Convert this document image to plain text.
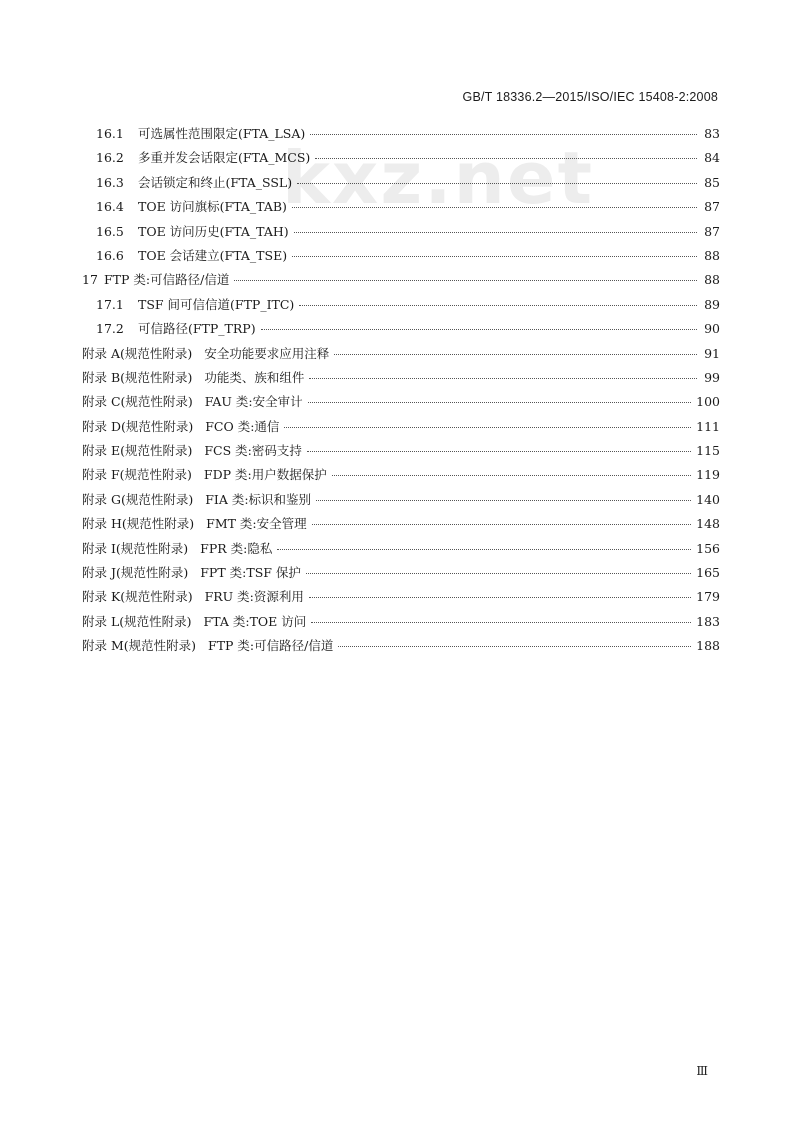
GB/T 18336.2—2015/ISO/IEC 15408-2:2008
kxz.net
16.1	可选属性范围限定(FTA_LSA)	83
16.2	多重并发会话限定(FTA_MCS)	84
16.3	会话锁定和终止(FTA_SSL)	85
16.4	TOE 访问旗标(FTA_TAB)	87
16.5	TOE 访问历史(FTA_TAH)	87
16.6	TOE 会话建立(FTA_TSE)	88
17 FTP 类:可信路径/信道	88
17.1	TSF 间可信信道(FTP_ITC)	89
17.2	可信路径(FTP_TRP)	90
附录 A(规范性附录) 安全功能要求应用注释	91
附录 B(规范性附录) 功能类、族和组件	99
附录 C(规范性附录) FAU 类:安全审计	100
附录 D(规范性附录) FCO 类:通信	111
附录 E(规范性附录) FCS 类:密码支持	115
附录 F(规范性附录) FDP 类:用户数据保护	119
附录 G(规范性附录) FIA 类:标识和鉴别	140
附录 H(规范性附录) FMT 类:安全管理	148
附录 I(规范性附录) FPR 类:隐私	156
附录 J(规范性附录) FPT 类:TSF 保护	165
附录 K(规范性附录) FRU 类:资源利用	179
附录 L(规范性附录) FTA 类:TOE 访问	183
附录 M(规范性附录) FTP 类:可信路径/信道	188
Ⅲ
